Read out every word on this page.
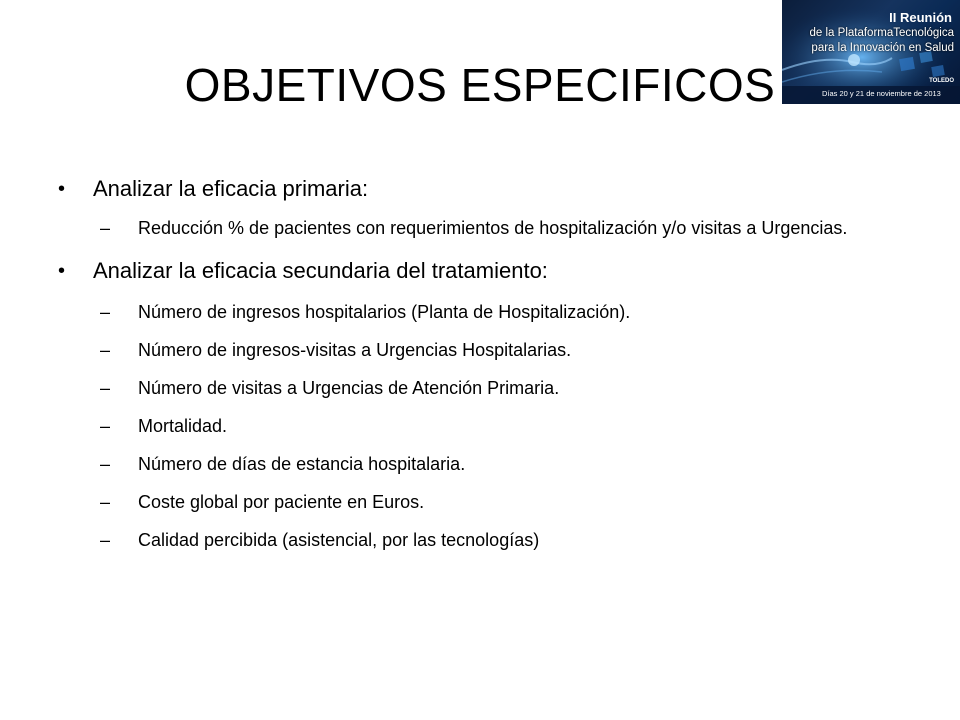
II Reunión
de la PlataformaTecnológica
para la Innovación en Salud
TOLEDO
Días 20 y 21 de noviembre de 2013
OBJETIVOS ESPECIFICOS
• Analizar la eficacia primaria:
– Reducción % de pacientes con requerimientos de hospitalización y/o visitas a Urgencias.
• Analizar la eficacia secundaria del tratamiento:
– Número de ingresos hospitalarios (Planta de Hospitalización).
– Número de ingresos-visitas a Urgencias Hospitalarias.
– Número de visitas a Urgencias de Atención Primaria.
– Mortalidad.
– Número de días de estancia hospitalaria.
– Coste global por paciente en Euros.
– Calidad percibida (asistencial, por las tecnologías)
